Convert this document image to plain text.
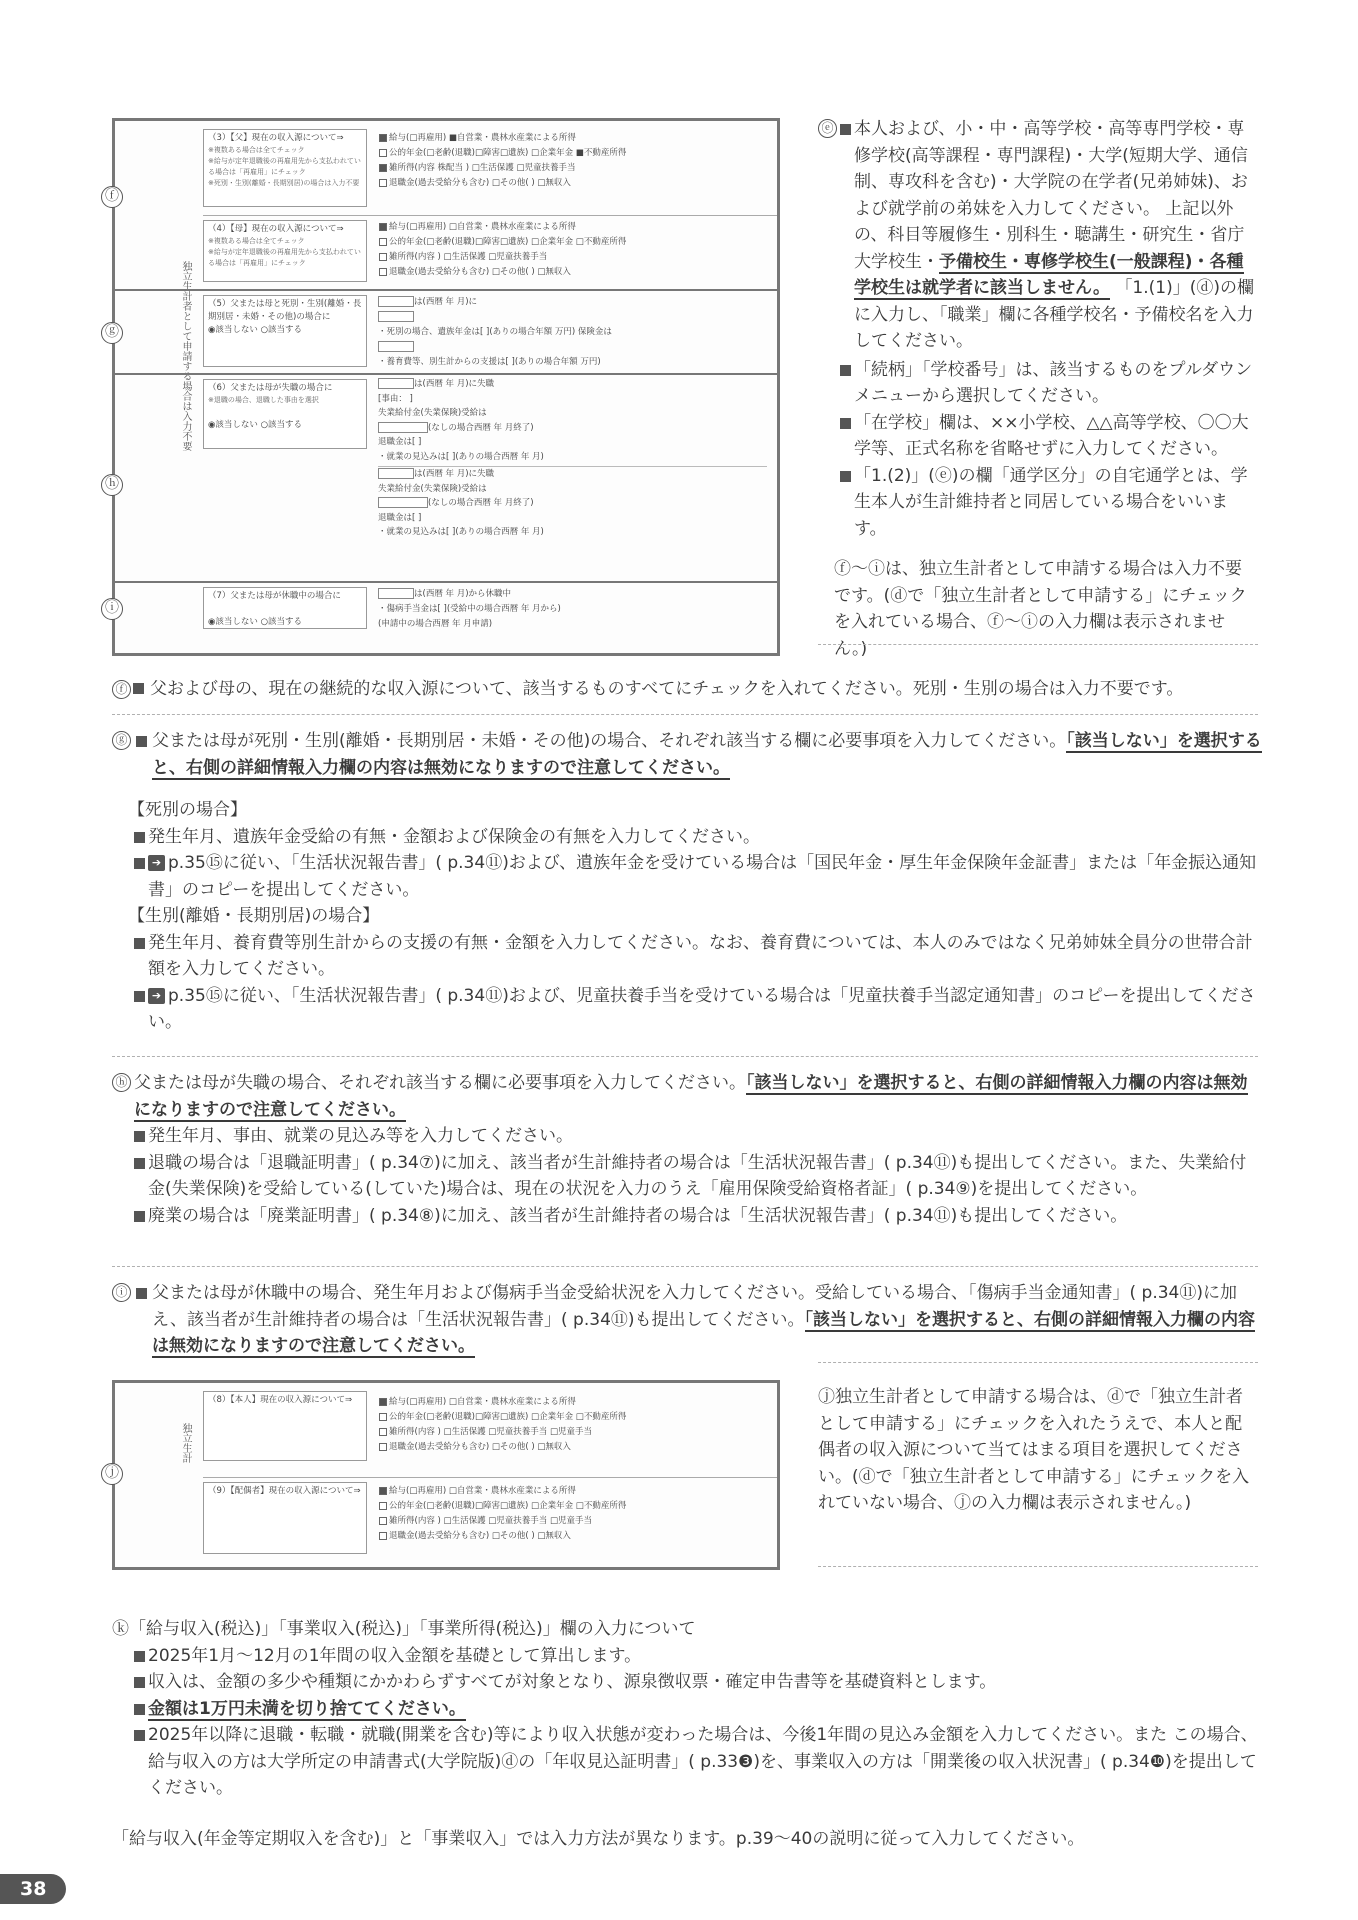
独立生計者として申請する場合は入力不要
（3）【父】現在の収入源について⇒
※複数ある場合は全てチェック
※給与が定年退職後の再雇用先から支払われている場合は「再雇用」にチェック
※死別・生別(離婚・長期別居)の場合は入力不要
給与(□再雇用) ■自営業・農林水産業による所得
公的年金(□老齢(退職)□障害□遺族) □企業年金 ■不動産所得
雑所得(内容 株配当 ) □生活保護 □児童扶養手当
退職金(過去受給分も含む) □その他( ) □無収入
（4）【母】現在の収入源について⇒
※複数ある場合は全てチェック
※給与が定年退職後の再雇用先から支払われている場合は「再雇用」にチェック
給与(□再雇用) □自営業・農林水産業による所得
公的年金(□老齢(退職)□障害□遺族) □企業年金 □不動産所得
雑所得(内容 ) □生活保護 □児童扶養手当
退職金(過去受給分も含む) □その他( ) □無収入
（5）父または母と死別・生別(離婚・長期別居・未婚・その他)の場合に
◉該当しない ○該当する
は(西暦 年 月)に
・死別の場合、遺族年金は[ ](ありの場合年額 万円) 保険金は
・養育費等、別生計からの支援は[ ](ありの場合年額 万円)
（6）父または母が失職の場合に
※退職の場合、退職した事由を選択

◉該当しない ○該当する
は(西暦 年 月)に失職
[事由： ]
失業給付金(失業保険)受給は
(なしの場合西暦 年 月終了)
退職金は[ ]
・就業の見込みは[ ](ありの場合西暦 年 月)
は(西暦 年 月)に失職
失業給付金(失業保険)受給は
(なしの場合西暦 年 月終了)
退職金は[ ]
・就業の見込みは[ ](ありの場合西暦 年 月)
（7）父または母が休職中の場合に

◉該当しない ○該当する
は(西暦 年 月)から休職中
・傷病手当金は[ ](受給中の場合西暦 年 月から)
(申請中の場合西暦 年 月申請)
ⓕ
ⓖ
ⓗ
ⓘ
ⓔ 本人および、小・中・高等学校・高等専門学校・専修学校(高等課程・専門課程)・大学(短期大学、通信制、専攻科を含む)・大学院の在学者(兄弟姉妹)、および就学前の弟妹を入力してください。 上記以外の、科目等履修生・別科生・聴講生・研究生・省庁大学校生・予備校生・専修学校生(一般課程)・各種学校生は就学者に該当しません。 「1.(1)」(ⓓ)の欄に入力し、「職業」欄に各種学校名・予備校名を入力してください。
「続柄」「学校番号」は、該当するものをプルダウンメニューから選択してください。
「在学校」欄は、××小学校、△△高等学校、〇〇大学等、正式名称を省略せずに入力してください。
「1.(2)」(ⓔ)の欄「通学区分」の自宅通学とは、学生本人が生計維持者と同居している場合をいいます。
ⓕ〜ⓘは、独立生計者として申請する場合は入力不要です。(ⓓで「独立生計者として申請する」にチェックを入れている場合、ⓕ〜ⓘの入力欄は表示されません。)
ⓕ 父および母の、現在の継続的な収入源について、該当するものすべてにチェックを入れてください。死別・生別の場合は入力不要です。
ⓖ 父または母が死別・生別(離婚・長期別居・未婚・その他)の場合、それぞれ該当する欄に必要事項を入力してください。「該当しない」を選択すると、右側の詳細情報入力欄の内容は無効になりますので注意してください。
【死別の場合】
発生年月、遺族年金受給の有無・金額および保険金の有無を入力してください。
➔ p.35⑮に従い、「生活状況報告書」( p.34⑪)および、遺族年金を受けている場合は「国民年金・厚生年金保険年金証書」または「年金振込通知書」のコピーを提出してください。
【生別(離婚・長期別居)の場合】
発生年月、養育費等別生計からの支援の有無・金額を入力してください。なお、養育費については、本人のみではなく兄弟姉妹全員分の世帯合計額を入力してください。
➔ p.35⑮に従い、「生活状況報告書」( p.34⑪)および、児童扶養手当を受けている場合は「児童扶養手当認定通知書」のコピーを提出してください。
ⓗ 父または母が失職の場合、それぞれ該当する欄に必要事項を入力してください。「該当しない」を選択すると、右側の詳細情報入力欄の内容は無効になりますので注意してください。
発生年月、事由、就業の見込み等を入力してください。
退職の場合は「退職証明書」( p.34⑦)に加え、該当者が生計維持者の場合は「生活状況報告書」( p.34⑪)も提出してください。また、失業給付金(失業保険)を受給している(していた)場合は、現在の状況を入力のうえ「雇用保険受給資格者証」( p.34⑨)を提出してください。
廃業の場合は「廃業証明書」( p.34⑧)に加え、該当者が生計維持者の場合は「生活状況報告書」( p.34⑪)も提出してください。
ⓘ 父または母が休職中の場合、発生年月および傷病手当金受給状況を入力してください。受給している場合、「傷病手当金通知書」( p.34⑪)に加え、該当者が生計維持者の場合は「生活状況報告書」( p.34⑪)も提出してください。「該当しない」を選択すると、右側の詳細情報入力欄の内容は無効になりますので注意してください。
独立生計
（8）【本人】現在の収入源について⇒	給与(□再雇用) □自営業・農林水産業による所得
公的年金(□老齢(退職)□障害□遺族) □企業年金 □不動産所得
雑所得(内容 ) □生活保護 □児童扶養手当 □児童手当
退職金(過去受給分も含む) □その他( ) □無収入
（9）【配偶者】現在の収入源について⇒	給与(□再雇用) □自営業・農林水産業による所得
公的年金(□老齢(退職)□障害□遺族) □企業年金 □不動産所得
雑所得(内容 ) □生活保護 □児童扶養手当 □児童手当
退職金(過去受給分も含む) □その他( ) □無収入
ⓙ
ⓙ独立生計者として申請する場合は、ⓓで「独立生計者として申請する」にチェックを入れたうえで、本人と配偶者の収入源について当てはまる項目を選択してください。(ⓓで「独立生計者として申請する」にチェックを入れていない場合、ⓙの入力欄は表示されません。)
ⓚ「給与収入(税込)」「事業収入(税込)」「事業所得(税込)」欄の入力について
2025年1月〜12月の1年間の収入金額を基礎として算出します。
収入は、金額の多少や種類にかかわらずすべてが対象となり、源泉徴収票・確定申告書等を基礎資料とします。
金額は1万円未満を切り捨ててください。
2025年以降に退職・転職・就職(開業を含む)等により収入状態が変わった場合は、今後1年間の見込み金額を入力してください。また この場合、給与収入の方は大学所定の申請書式(大学院版)ⓓの「年収見込証明書」( p.33❸)を、事業収入の方は「開業後の収入状況書」( p.34❿)を提出してください。
「給与収入(年金等定期収入を含む)」と「事業収入」では入力方法が異なります。p.39〜40の説明に従って入力してください。
38
